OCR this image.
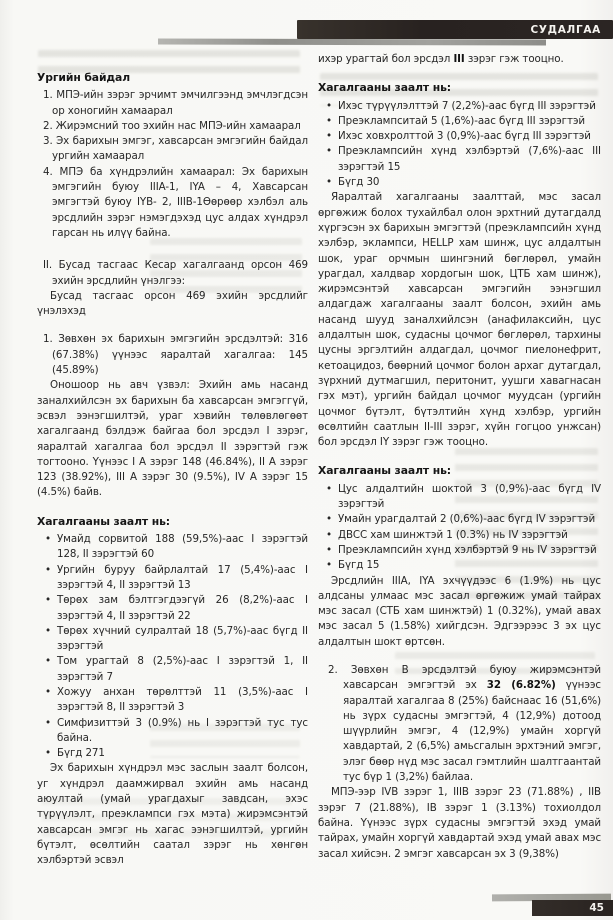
СУДАЛГАА
Ургийн байдал
1. МПЭ-ийн зэрэг эрчимт эмчилгээнд эмчлэгдсэн ор хоногийн хамаарал
2. Жирэмсний тоо эхийн нас МПЭ-ийн хамаарал
3. Эх барихын эмгэг, хавсарсан эмгэгийн байдал ургийн хамаарал
4. МПЭ ба хүндрэлийн хамаарал: Эх барихын эмгэгийн буюу IIIA-1, IYA – 4, Хавсарсан эмгэгтэй буюу IYB- 2, IIIB-1Өөрөөр хэлбэл аль эрсдлийн зэрэг нэмэгдэхэд цус алдах хүндрэл гарсан нь илүү байна.
II. Бусад тасгаас Кесар хагалгаанд орсон 469 эхийн эрсдлийн үнэлгээ:
Бусад тасгаас орсон 469 эхийн эрсдлийг үнэлэхэд
1. Зөвхөн эх барихын эмгэгийн эрсдэлтэй: 316 (67.38%) үүнээс яаралтай хагалгаа: 145 (45.89%)
Оношоор нь авч үзвэл: Эхийн амь насанд заналхийлсэн эх барихын ба хавсарсан эмгэггүй, эсвэл ээнэгшилтэй, ураг хэвийн төлөвлөгөөт хагалгаанд бэлдэж байгаа бол эрсдэл I зэрэг, яаралтай хагалгаа бол эрсдэл II зэрэгтэй гэж тогтооно. Үүнээс I А зэрэг 148 (46.84%), II А зэрэг 123 (38.92%), III А зэрэг 30 (9.5%), IV А зэрэг 15 (4.5%) байв.
Хагалгааны заалт нь:
• Умайд сорвитой 188 (59,5%)-аас I зэрэгтэй 128, II зэрэгтэй 60
• Ургийн буруу байрлалтай 17 (5,4%)-аас I зэрэгтэй 4, II зэрэгтэй 13
• Төрөх зам бэлтгэгдээгүй 26 (8,2%)-аас I зэрэгтэй 4, II зэрэгтэй 22
• Төрөх хүчний сулралтай 18 (5,7%)-аас бүгд II зэрэгтэй
• Том урагтай 8 (2,5%)-аас I зэрэгтэй 1, II зэрэгтэй 7
• Хожуу анхан төрөлттэй 11 (3,5%)-аас I зэрэгтэй 8, II зэрэгтэй 3
• Симфизиттэй 3 (0.9%) нь I зэрэгтэй тус тус байна.
• Бүгд 271
Эх барихын хүндрэл мэс заслын заалт болсон, уг хүндрэл даамжирвал эхийн амь насанд аюултай (умай урагдахыг завдсан, эхэс түрүүлэлт, преэклампси гэх мэта) жирэмсэнтэй хавсарсан эмгэг нь хагас ээнэгшилтэй, ургийн бүтэлт, өсөлтийн саатал зэрэг нь хөнгөн хэлбэртэй эсвэл
ихэр урагтай бол эрсдэл III зэрэг гэж тооцно.
Хагалгааны заалт нь:
• Ихэс түрүүлэлттэй 7 (2,2%)-аас бүгд III зэрэгтэй
• Преэклампситай 5 (1,6%)-аас бүгд III зэрэгтэй
• Ихэс ховхролттой 3 (0,9%)-аас бүгд III зэрэгтэй
• Преэклампсийн хүнд хэлбэртэй (7,6%)-аас III зэрэгтэй 15
• Бүгд 30
Яаралтай хагалгааны заалттай, мэс засал өргөжиж болох тухайлбал олон эрхтний дутагдалд хүргэсэн эх барихын эмгэгтэй (преэклампсийн хүнд хэлбэр, эклампси, HELLP хам шинж, цус алдалтын шок, ураг орчмын шингэний бөглөрөл, умайн урагдал, халдвар хордогын шок, ЦТБ хам шинж), жирэмсэнтэй хавсарсан эмгэгийн ээнэгшил алдагдаж хагалгааны заалт болсон, эхийн амь насанд шууд заналхийлсэн (анафилаксийн, цус алдалтын шок, судасны цочмог бөглөрөл, тархины цусны эргэлтийн алдагдал, цочмог пиелонефрит, кетоацидоз, бөөрний цочмог болон архаг дутагдал, зүрхний дутмагшил, перитонит, уушги хавагнасан гэх мэт), ургийн байдал цочмог муудсан (ургийн цочмог бүтэлт, бүтэлтийн хүнд хэлбэр, ургийн өсөлтийн саатлын II-III зэрэг, хүйн гогцоо унжсан) бол эрсдэл IY зэрэг гэж тооцно.
Хагалгааны заалт нь:
• Цус алдалтийн шоктой 3 (0,9%)-аас бүгд IV зэрэгтэй
• Умайн урагдалтай 2 (0,6%)-аас бүгд IV зэрэгтэй
• ДВСС хам шинжтэй 1 (0.3%) нь IV зэрэгтэй
• Преэклампсийн хүнд хэлбэртэй 9 нь IV зэрэгтэй
• Бүгд 15
Эрсдлийн IIIA, IYA эхчүүдээс 6 (1.9%) нь цус алдсаны улмаас мэс засал өргөжиж умай тайрах мэс засал (СТБ хам шинжтэй) 1 (0.32%), умай авах мэс засал 5 (1.58%) хийгдсэн. Эдгээрээс 3 эх цус алдалтын шокт өртсөн.
2. Зөвхөн В эрсдэлтэй буюу жирэмсэнтэй хавсарсан эмгэгтэй эх 32 (6.82%) үүнээс яаралтай хагалгаа 8 (25%) байснаас 16 (51,6%) нь зүрх судасны эмгэгтэй, 4 (12,9%) дотоод шүүрлийн эмгэг, 4 (12,9%) умайн хоргүй хавдартай, 2 (6,5%) амьсгалын эрхтэний эмгэг, элэг бөөр нүд мэс засал гэмтлийн шалтгаантай тус бүр 1 (3,2%) байлаа.
МПЭ-ээр IVB зэрэг 1, IIIB зэрэг 23 (71.88%) , IIB зэрэг 7 (21.88%), IB зэрэг 1 (3.13%) тохиолдол байна. Үүнээс зүрх судасны эмгэгтэй эхэд умай тайрах, умайн хоргүй хавдартай эхэд умай авах мэс засал хийсэн. 2 эмгэг хавсарсан эх 3 (9,38%)
45
